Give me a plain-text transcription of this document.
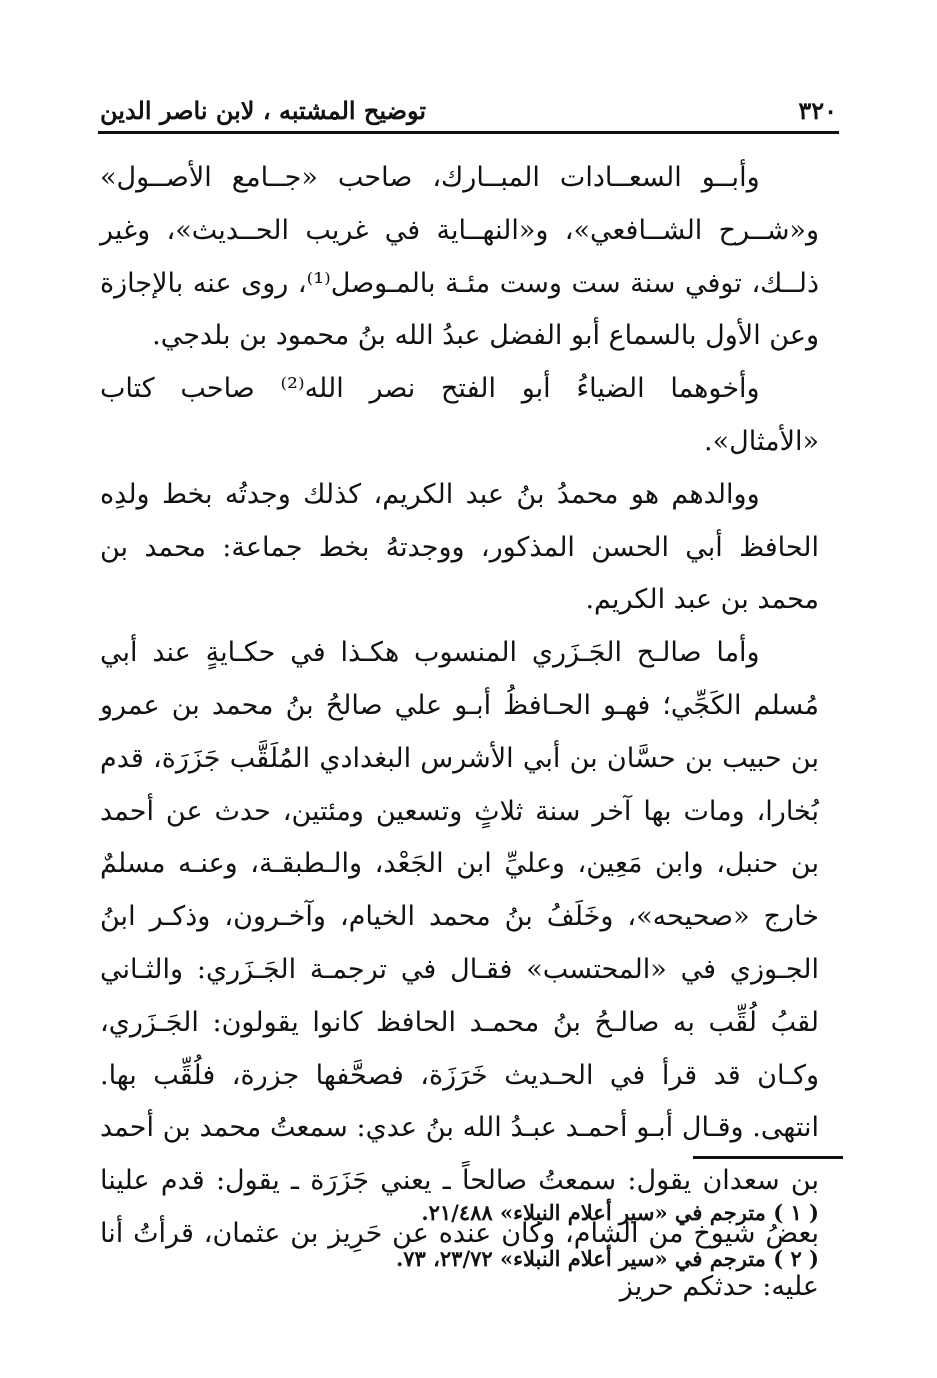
٣٢٠
توضيح المشتبه ، لابن ناصر الدين

وأبــو السعــادات المبــارك، صاحب «جــامع الأصــول» و«شــرح الشــافعي»، و«النهــاية في غريب الحــديث»، وغير ذلــك، توفي سنة ست وست مئـة بالمـوصل⁽¹⁾، روى عنه بالإجازة وعن الأول بالسماع أبو الفضل عبدُ الله بنُ محمود بن بلدجي.

وأخوهما الضياءُ أبو الفتح نصر الله⁽²⁾ صاحب كتاب «الأمثال».

ووالدهم هو محمدُ بنُ عبد الكريم، كذلك وجدتُه بخط ولدِه الحافظ أبي الحسن المذكور، ووجدتهُ بخط جماعة: محمد بن محمد بن عبد الكريم.

وأما صالـح الجَـزَري المنسوب هكـذا في حكـايةٍ عند أبي مُسلم الكَجِّي؛ فهـو الحـافظُ أبـو علي صالحُ بنُ محمد بن عمرو بن حبيب بن حسَّان بن أبي الأشرس البغدادي المُلَقَّب جَزَرَة، قدم بُخارا، ومات بها آخر سنة ثلاثٍ وتسعين ومئتين، حدث عن أحمد بن حنبل، وابن مَعِين، وعليِّ ابن الجَعْد، والـطبقـة، وعنـه مسلمٌ خارج «صحيحه»، وخَلَفُ بنُ محمد الخيام، وآخـرون، وذكـر ابنُ الجـوزي في «المحتسب» فقـال في ترجمـة الجَـزَري: والثـاني لقبُ لُقِّب به صالـحُ بنُ محمـد الحافظ كانوا يقولون: الجَـزَري، وكـان قد قرأ في الحـديث خَرَزَة، فصحَّفها جزرة، فلُقِّب بها. انتهى. وقـال أبـو أحمـد عبـدُ الله بنُ عدي: سمعتُ محمد بن أحمد بن سعدان يقول: سمعتُ صالحاً ـ يعني جَزَرَة ـ يقول: قدم علينا بعضُ شيوخ من الشام، وكان عنده عن حَرِيز بن عثمان، قرأتُ أنا عليه: حدثكم حريز

( ١ ) مترجم في «سير أعلام النبلاء» ٢١/٤٨٨.

( ٢ ) مترجم في «سير أعلام النبلاء» ٢٣/٧٢، ٧٣.
